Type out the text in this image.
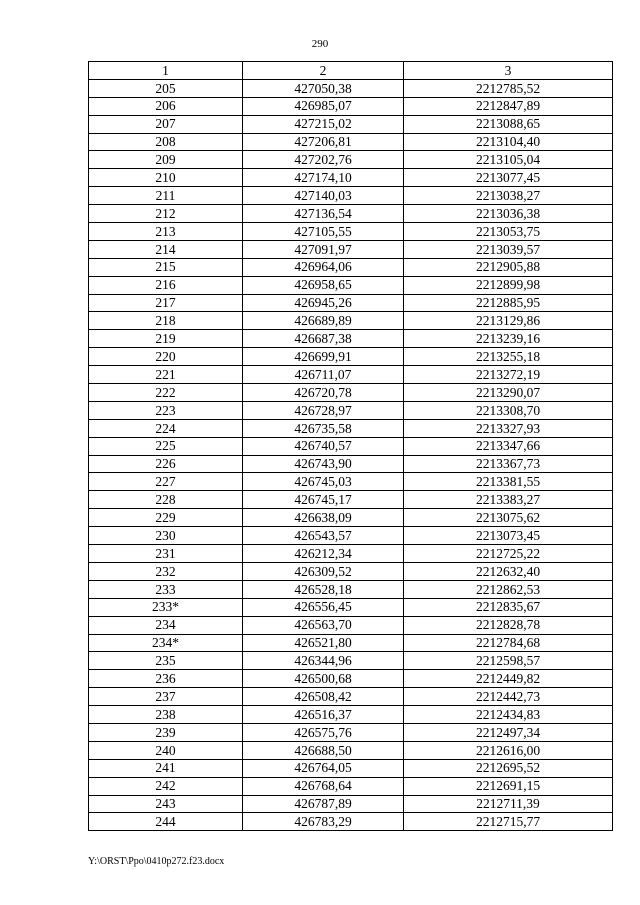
290
1	2	3
205	427050,38	2212785,52
206	426985,07	2212847,89
207	427215,02	2213088,65
208	427206,81	2213104,40
209	427202,76	2213105,04
210	427174,10	2213077,45
211	427140,03	2213038,27
212	427136,54	2213036,38
213	427105,55	2213053,75
214	427091,97	2213039,57
215	426964,06	2212905,88
216	426958,65	2212899,98
217	426945,26	2212885,95
218	426689,89	2213129,86
219	426687,38	2213239,16
220	426699,91	2213255,18
221	426711,07	2213272,19
222	426720,78	2213290,07
223	426728,97	2213308,70
224	426735,58	2213327,93
225	426740,57	2213347,66
226	426743,90	2213367,73
227	426745,03	2213381,55
228	426745,17	2213383,27
229	426638,09	2213075,62
230	426543,57	2213073,45
231	426212,34	2212725,22
232	426309,52	2212632,40
233	426528,18	2212862,53
233*	426556,45	2212835,67
234	426563,70	2212828,78
234*	426521,80	2212784,68
235	426344,96	2212598,57
236	426500,68	2212449,82
237	426508,42	2212442,73
238	426516,37	2212434,83
239	426575,76	2212497,34
240	426688,50	2212616,00
241	426764,05	2212695,52
242	426768,64	2212691,15
243	426787,89	2212711,39
244	426783,29	2212715,77
Y:\ORST\Ppo\0410p272.f23.docx
